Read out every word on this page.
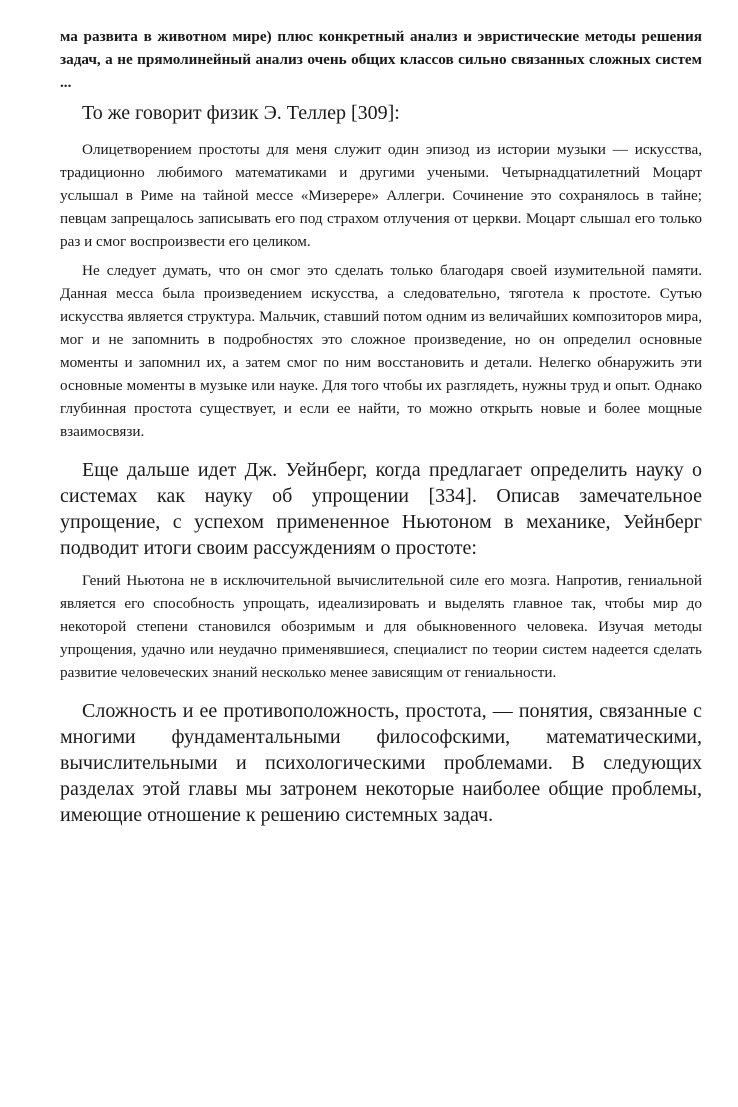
ма развита в животном мире) плюс конкретный анализ и эвристические методы решения задач, а не прямолинейный анализ очень общих классов сильно связанных сложных систем ...

То же говорит физик Э. Теллер [309]:

Олицетворением простоты для меня служит один эпизод из истории музыки — искусства, традиционно любимого математиками и другими учеными. Четырнадцатилетний Моцарт услышал в Риме на тайной мессе «Мизерере» Аллегри. Сочинение это сохранялось в тайне; певцам запрещалось записывать его под страхом отлучения от церкви. Моцарт слышал его только раз и смог воспроизвести его целиком.

Не следует думать, что он смог это сделать только благодаря своей изумительной памяти. Данная месса была произведением искусства, а следовательно, тяготела к простоте. Сутью искусства является структура. Мальчик, ставший потом одним из величайших композиторов мира, мог и не запомнить в подробностях это сложное произведение, но он определил основные моменты и запомнил их, а затем смог по ним восстановить и детали. Нелегко обнаружить эти основные моменты в музыке или науке. Для того чтобы их разглядеть, нужны труд и опыт. Однако глубинная простота существует, и если ее найти, то можно открыть новые и более мощные взаимосвязи.

Еще дальше идет Дж. Уейнберг, когда предлагает определить науку о системах как науку об упрощении [334]. Описав замечательное упрощение, с успехом примененное Ньютоном в механике, Уейнберг подводит итоги своим рассуждениям о простоте:

Гений Ньютона не в исключительной вычислительной силе его мозга. Напротив, гениальной является его способность упрощать, идеализировать и выделять главное так, чтобы мир до некоторой степени становился обозримым и для обыкновенного человека. Изучая методы упрощения, удачно или неудачно применявшиеся, специалист по теории систем надеется сделать развитие человеческих знаний несколько менее зависящим от гениальности.

Сложность и ее противоположность, простота, — понятия, связанные с многими фундаментальными философскими, математическими, вычислительными и психологическими проблемами. В следующих разделах этой главы мы затронем некоторые наиболее общие проблемы, имеющие отношение к решению системных задач.
